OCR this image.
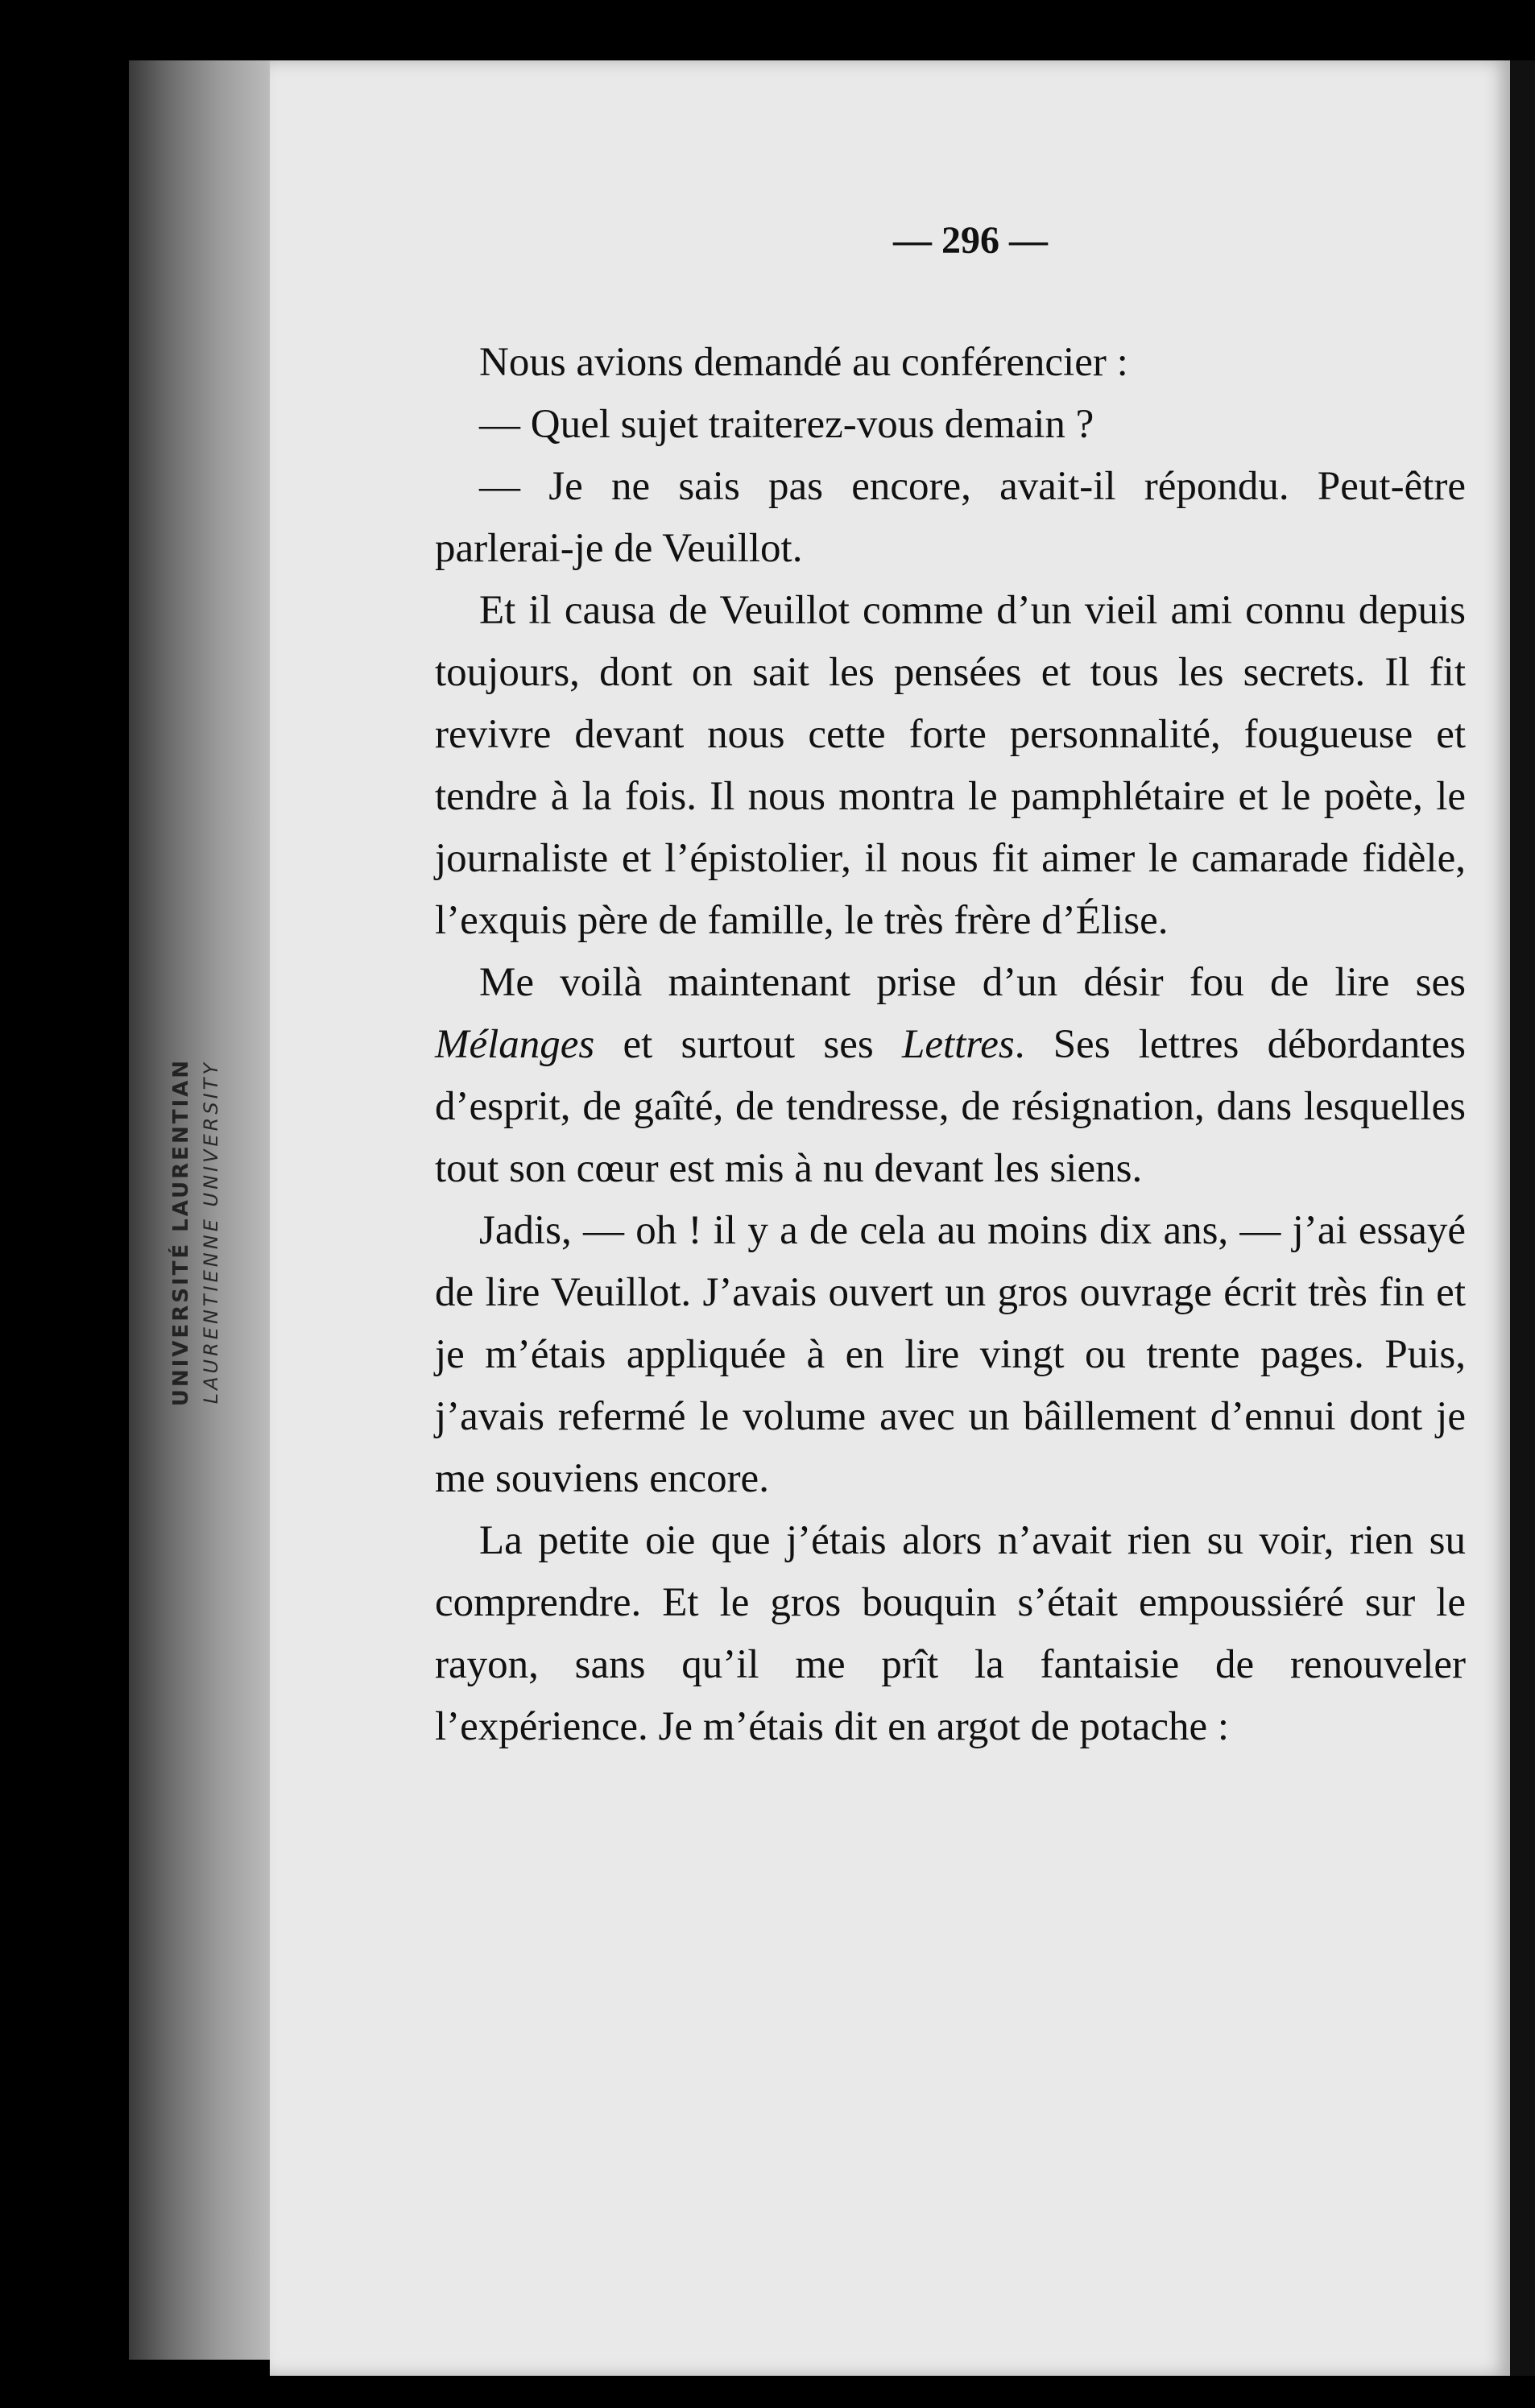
UNIVERSITÉ LAURENTIAN LAURENTIENNE UNIVERSITY
— 296 —

Nous avions demandé au conférencier :

— Quel sujet traiterez-vous demain ?

— Je ne sais pas encore, avait-il répondu. Peut-être parlerai-je de Veuillot.

Et il causa de Veuillot comme d’un vieil ami connu depuis toujours, dont on sait les pensées et tous les secrets. Il fit revivre devant nous cette forte personnalité, fougueuse et tendre à la fois. Il nous montra le pamphlétaire et le poète, le journaliste et l’épistolier, il nous fit aimer le camarade fidèle, l’exquis père de famille, le très frère d’Élise.

Me voilà maintenant prise d’un désir fou de lire ses Mélanges et surtout ses Lettres. Ses lettres débordantes d’esprit, de gaîté, de tendresse, de résignation, dans lesquelles tout son cœur est mis à nu devant les siens.

Jadis, — oh ! il y a de cela au moins dix ans, — j’ai essayé de lire Veuillot. J’avais ouvert un gros ouvrage écrit très fin et je m’étais appliquée à en lire vingt ou trente pages. Puis, j’avais refermé le volume avec un bâillement d’ennui dont je me souviens encore.

La petite oie que j’étais alors n’avait rien su voir, rien su comprendre. Et le gros bouquin s’était empoussiéré sur le rayon, sans qu’il me prît la fantaisie de renouveler l’expérience. Je m’étais dit en argot de potache :
